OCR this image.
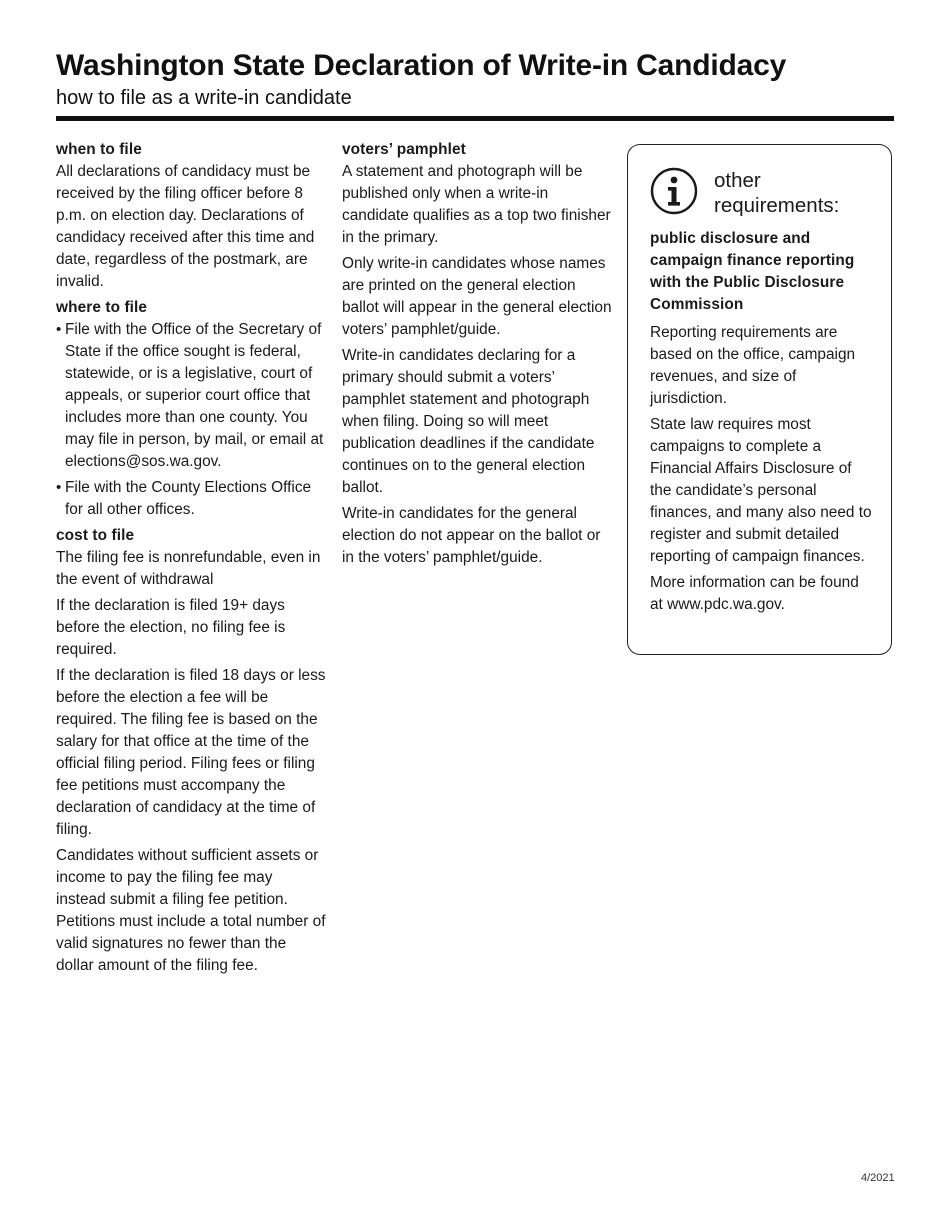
Washington State Declaration of Write-in Candidacy

how to file as a write-in candidate

when to file

All declarations of candidacy must be received by the filing officer before 8 p.m. on election day. Declarations of candidacy received after this time and date, regardless of the postmark, are invalid.

where to file
• File with the Office of the Secretary of State if the office sought is federal, statewide, or is a legislative, court of appeals, or superior court office that includes more than one county. You may file in person, by mail, or email at elections@sos.wa.gov.
• File with the County Elections Office for all other offices.
cost to file

The filing fee is nonrefundable, even in the event of withdrawal

If the declaration is filed 19+ days before the election, no filing fee is required.

If the declaration is filed 18 days or less before the election a fee will be required. The filing fee is based on the salary for that office at the time of the official filing period. Filing fees or filing fee petitions must accompany the declaration of candidacy at the time of filing.

Candidates without sufficient assets or income to pay the filing fee may instead submit a filing fee petition. Petitions must include a total number of valid signatures no fewer than the dollar amount of the filing fee.

voters’ pamphlet

A statement and photograph will be published only when a write-in candidate qualifies as a top two finisher in the primary.

Only write-in candidates whose names are printed on the general election ballot will appear in the general election voters’ pamphlet/guide.

Write-in candidates declaring for a primary should submit a voters’ pamphlet statement and photograph when filing. Doing so will meet publication deadlines if the candidate continues on to the general election ballot.

Write-in candidates for the general election do not appear on the ballot or in the voters’ pamphlet/guide.

other requirements:

public disclosure and campaign finance reporting with the Public Disclosure Commission

Reporting requirements are based on the office, campaign revenues, and size of jurisdiction.

State law requires most campaigns to complete a Financial Affairs Disclosure of the candidate’s personal finances, and many also need to register and submit detailed reporting of campaign finances.

More information can be found at www.pdc.wa.gov.

4/2021
